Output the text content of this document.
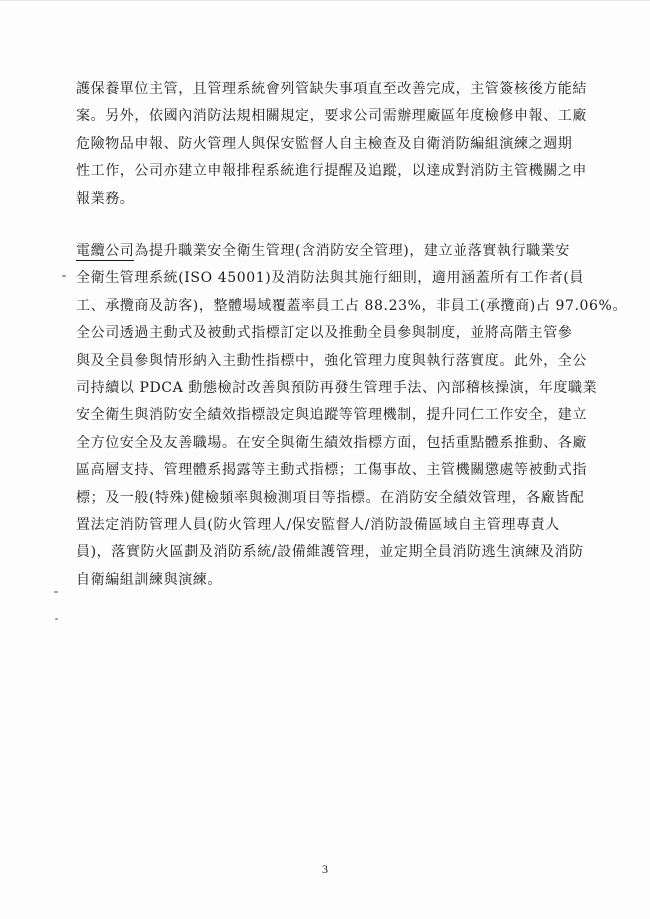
護保養單位主管，且管理系統會列管缺失事項直至改善完成，主管簽核後方能結
案。另外，依國內消防法規相關規定，要求公司需辦理廠區年度檢修申報、工廠
危險物品申報、防火管理人與保安監督人自主檢查及自衛消防編組演練之週期
性工作，公司亦建立申報排程系統進行提醒及追蹤，以達成對消防主管機關之申
報業務。
電纜公司為提升職業安全衛生管理(含消防安全管理)，建立並落實執行職業安
全衛生管理系統(ISO 45001)及消防法與其施行細則，適用涵蓋所有工作者(員
工、承攬商及訪客)，整體場域覆蓋率員工占 88.23%，非員工(承攬商)占 97.06%。
全公司透過主動式及被動式指標訂定以及推動全員參與制度，並將高階主管參
與及全員參與情形納入主動性指標中，強化管理力度與執行落實度。此外，全公
司持續以 PDCA 動態檢討改善與預防再發生管理手法、內部稽核操演，年度職業
安全衛生與消防安全績效指標設定與追蹤等管理機制，提升同仁工作安全，建立
全方位安全及友善職場。在安全與衛生績效指標方面，包括重點體系推動、各廠
區高層支持、管理體系揭露等主動式指標；工傷事故、主管機關懲處等被動式指
標；及一般(特殊)健檢頻率與檢測項目等指標。在消防安全績效管理，各廠皆配
置法定消防管理人員(防火管理人/保安監督人/消防設備區域自主管理專責人
員)，落實防火區劃及消防系統/設備維護管理，並定期全員消防逃生演練及消防
自衛編組訓練與演練。
3
